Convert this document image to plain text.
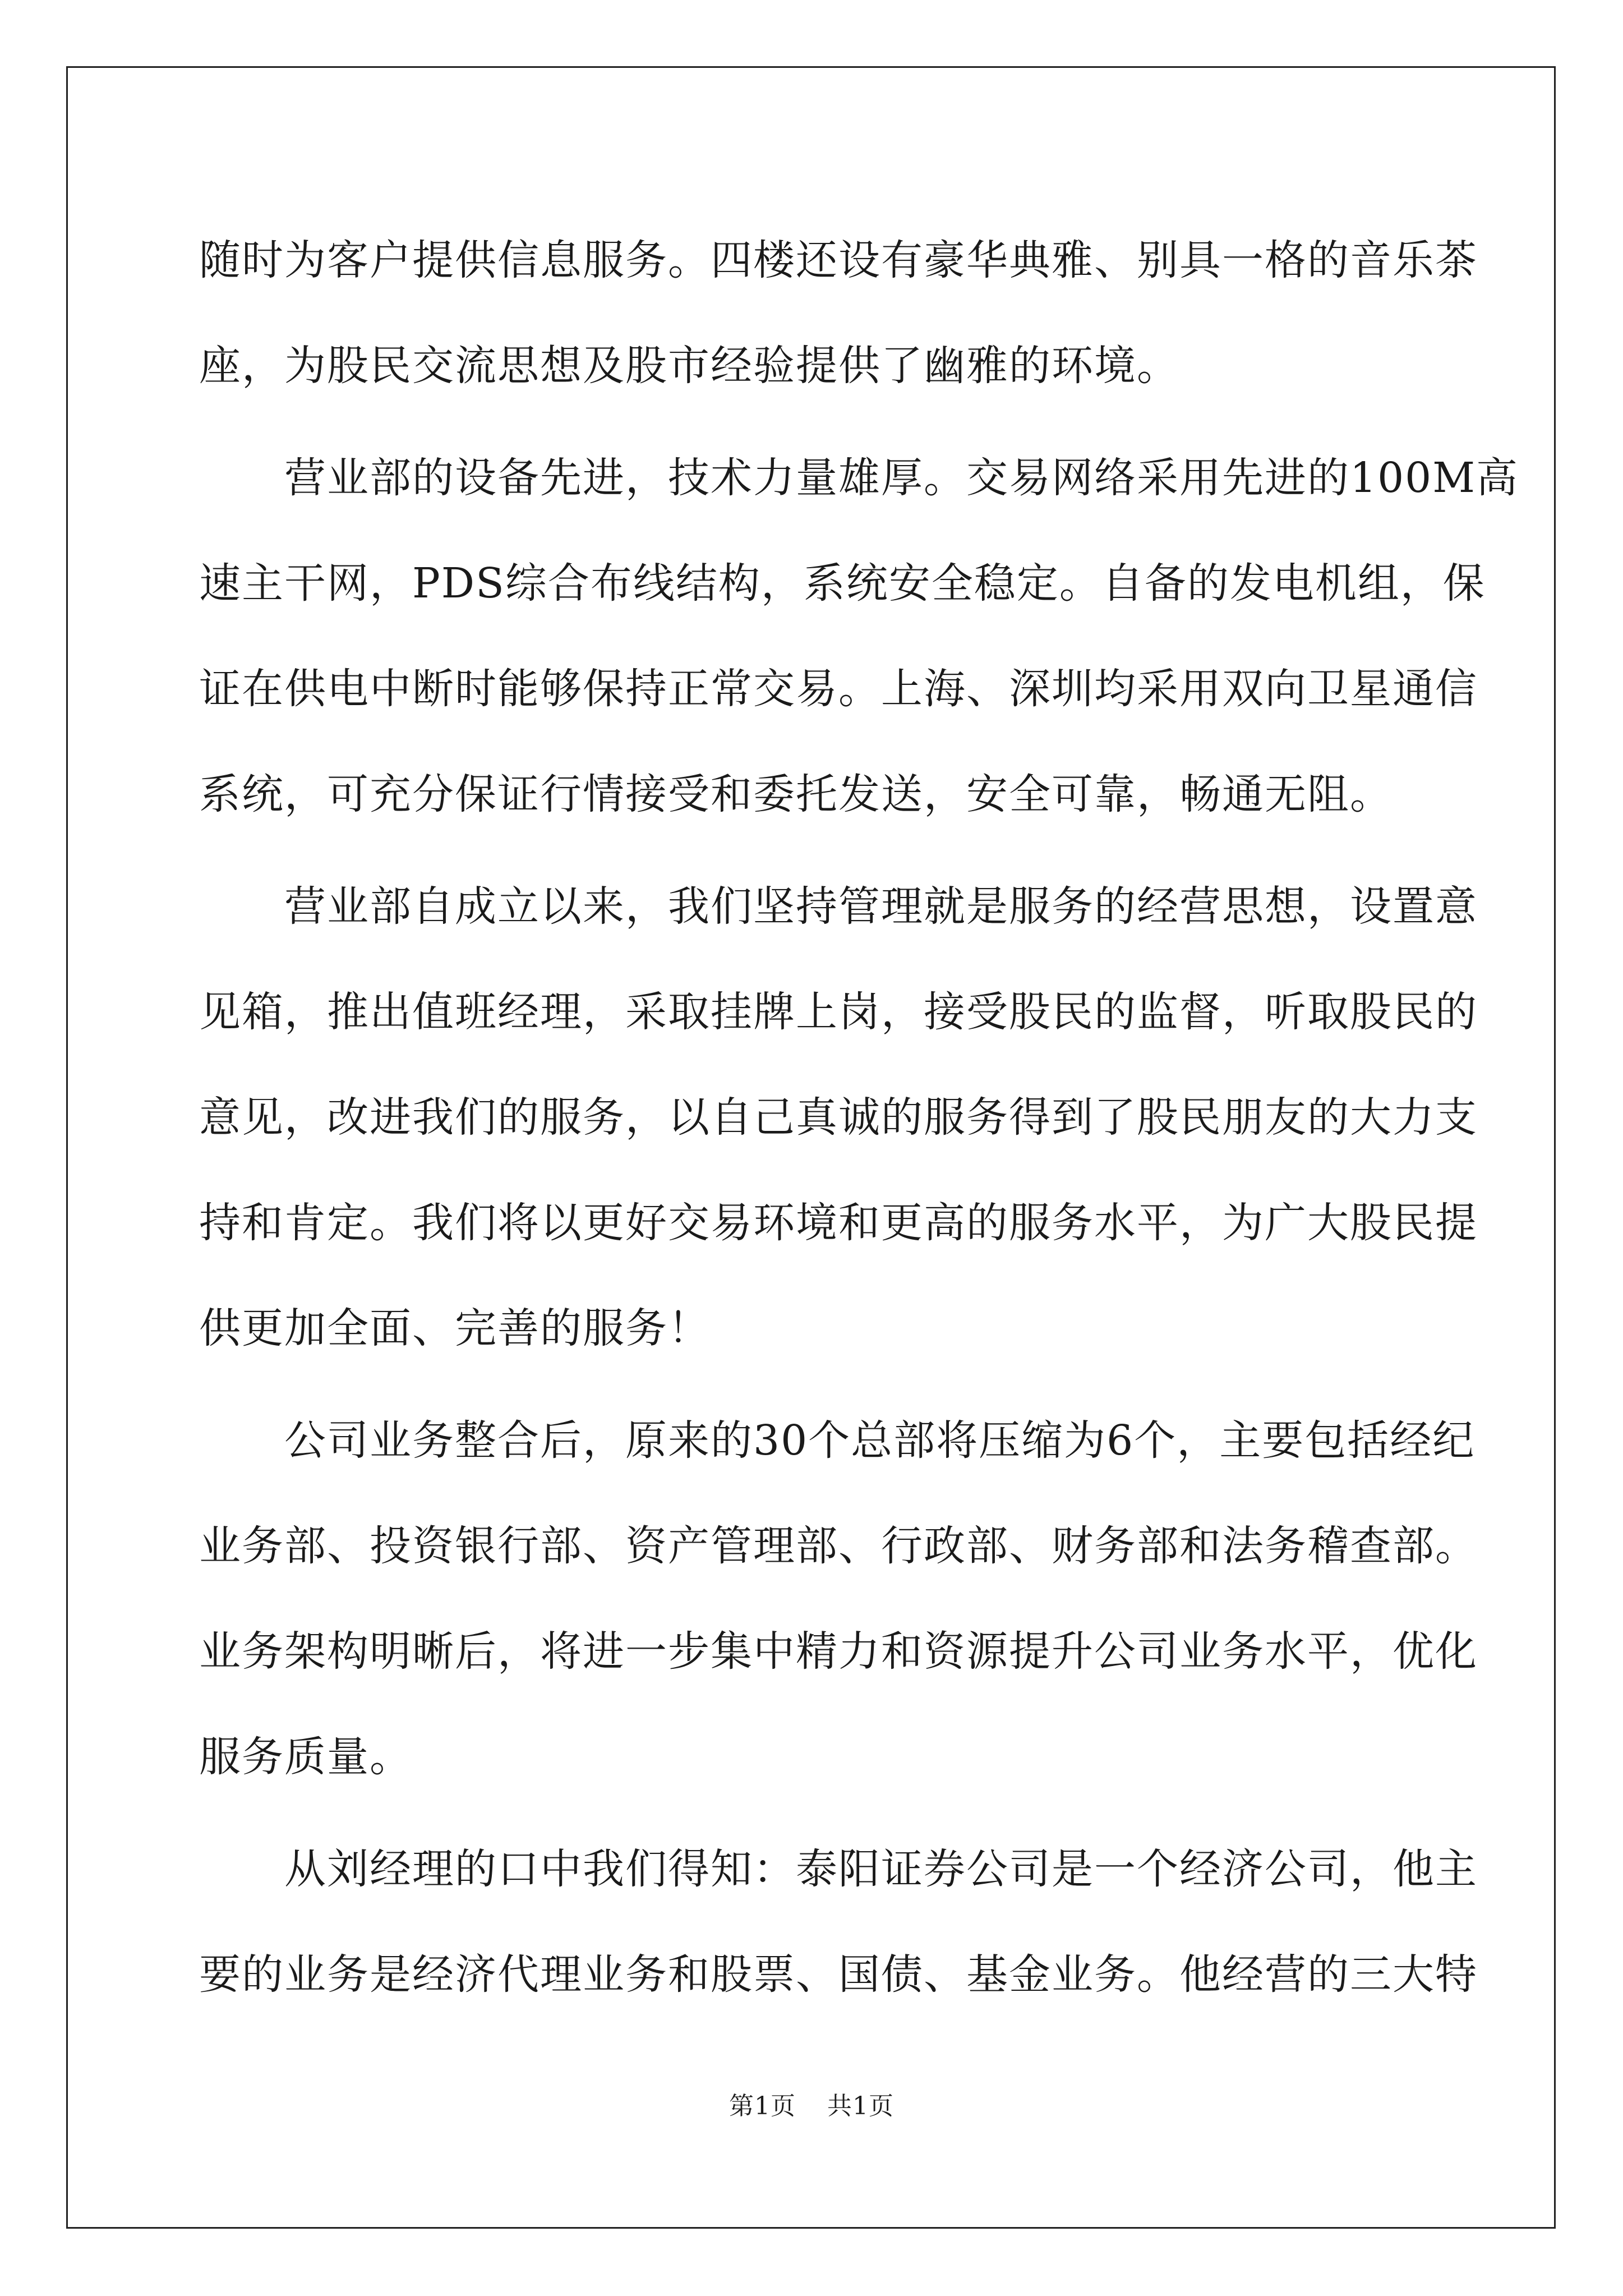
随时为客户提供信息服务。四楼还设有豪华典雅、别具一格的音乐茶
座，为股民交流思想及股市经验提供了幽雅的环境。
　　营业部的设备先进，技术力量雄厚。交易网络采用先进的100M高
速主干网，PDS综合布线结构，系统安全稳定。自备的发电机组，保
证在供电中断时能够保持正常交易。上海、深圳均采用双向卫星通信
系统，可充分保证行情接受和委托发送，安全可靠，畅通无阻。
　　营业部自成立以来，我们坚持管理就是服务的经营思想，设置意
见箱，推出值班经理，采取挂牌上岗，接受股民的监督，听取股民的
意见，改进我们的服务，以自己真诚的服务得到了股民朋友的大力支
持和肯定。我们将以更好交易环境和更高的服务水平，为广大股民提
供更加全面、完善的服务！
　　公司业务整合后，原来的30个总部将压缩为6个，主要包括经纪
业务部、投资银行部、资产管理部、行政部、财务部和法务稽查部。
业务架构明晰后，将进一步集中精力和资源提升公司业务水平，优化
服务质量。
　　从刘经理的口中我们得知：泰阳证券公司是一个经济公司，他主
要的业务是经济代理业务和股票、国债、基金业务。他经营的三大特
第1页 共1页
